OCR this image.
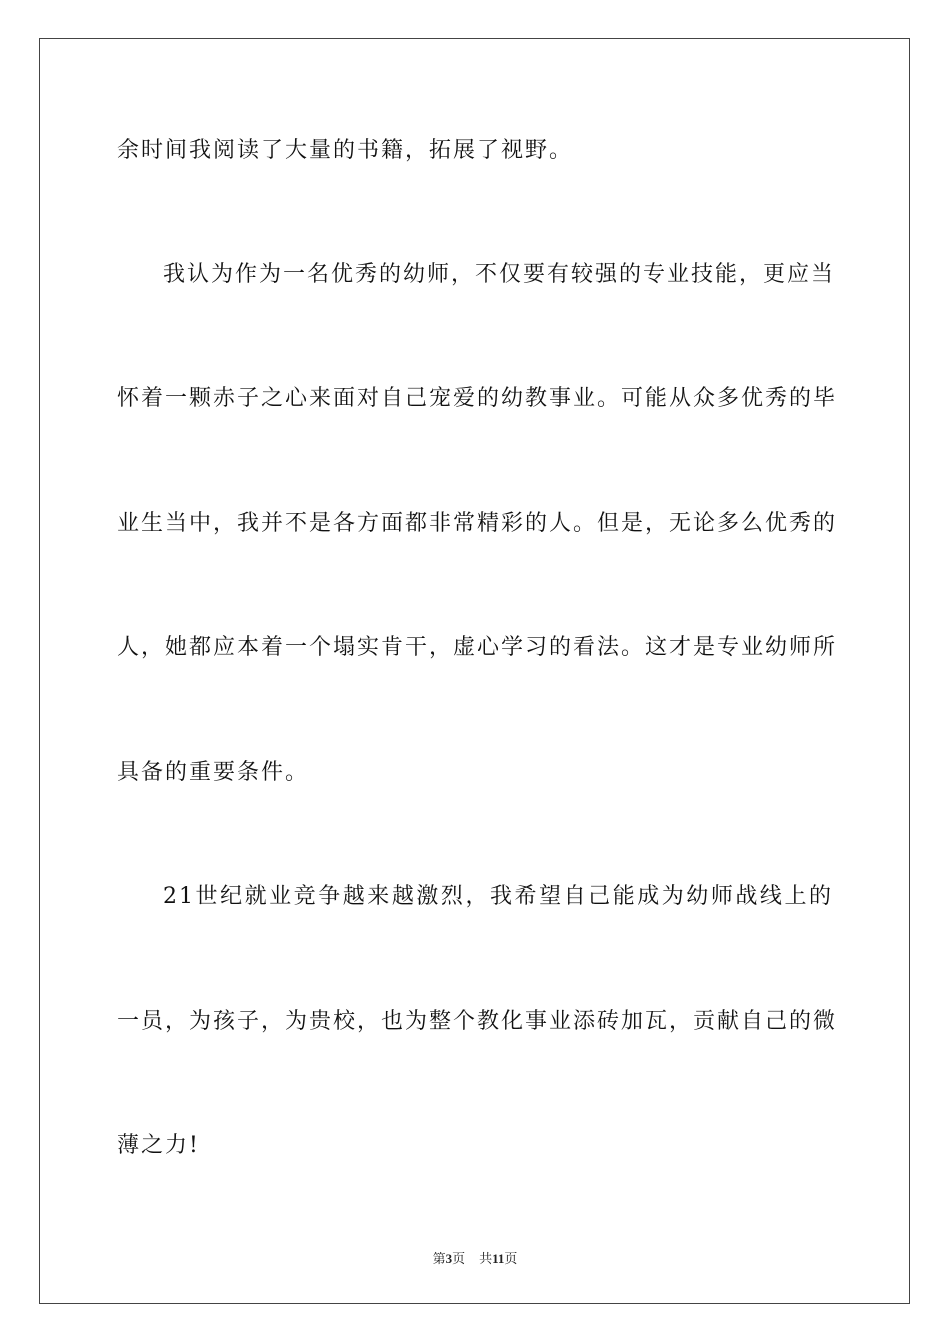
余时间我阅读了大量的书籍，拓展了视野。
我认为作为一名优秀的幼师，不仅要有较强的专业技能，更应当
怀着一颗赤子之心来面对自己宠爱的幼教事业。可能从众多优秀的毕
业生当中，我并不是各方面都非常精彩的人。但是，无论多么优秀的
人，她都应本着一个塌实肯干，虚心学习的看法。这才是专业幼师所
具备的重要条件。
21世纪就业竞争越来越激烈，我希望自己能成为幼师战线上的
一员，为孩子，为贵校，也为整个教化事业添砖加瓦，贡献自己的微
薄之力!
第3页 共11页
